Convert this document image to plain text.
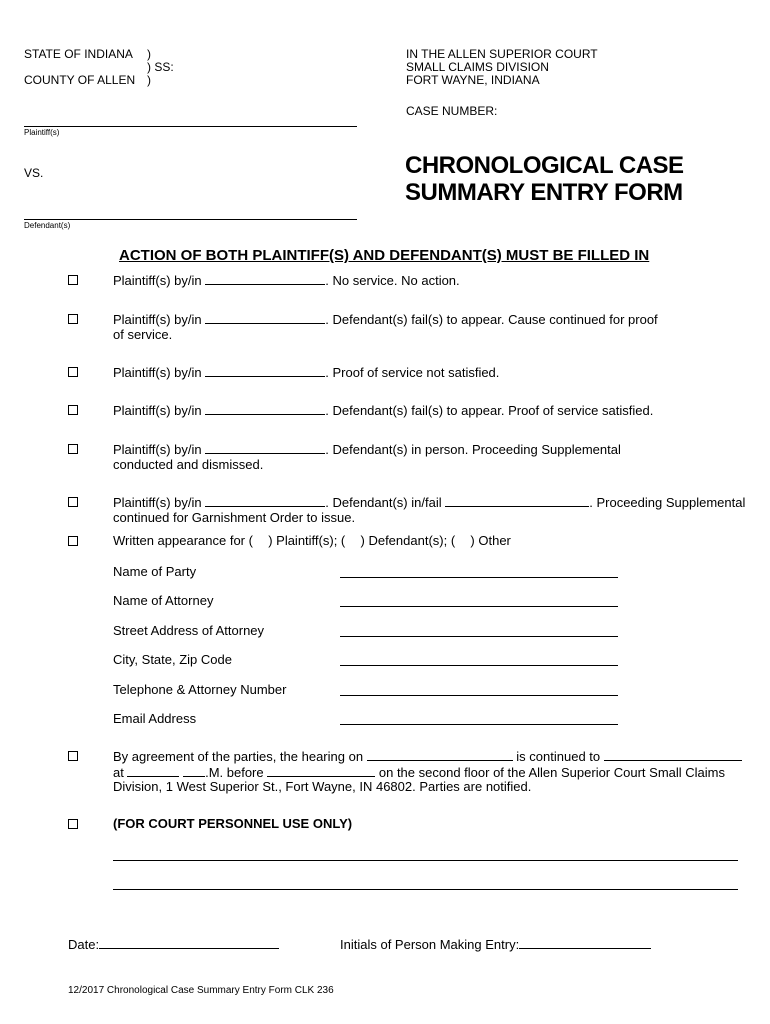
STATE OF INDIANA
COUNTY OF ALLEN
)
) SS:
)
IN THE ALLEN SUPERIOR COURT
SMALL CLAIMS DIVISION
FORT WAYNE, INDIANA
CASE NUMBER:
Plaintiff(s)
VS.
Defendant(s)
CHRONOLOGICAL CASE
SUMMARY ENTRY FORM
ACTION OF BOTH PLAINTIFF(S) AND DEFENDANT(S) MUST BE FILLED IN
Plaintiff(s) by/in	. No service. No action.
Plaintiff(s) by/in	. Defendant(s) fail(s) to appear. Cause continued for proof
of service.
Plaintiff(s) by/in	. Proof of service not satisfied.
Plaintiff(s) by/in	. Defendant(s) fail(s) to appear. Proof of service satisfied.
Plaintiff(s) by/in	. Defendant(s) in person. Proceeding Supplemental
conducted and dismissed.
Plaintiff(s) by/in	. Defendant(s) in/fail	. Proceeding Supplemental
continued for Garnishment Order to issue.
Written appearance for ( ) Plaintiff(s); ( ) Defendant(s); ( ) Other
Name of Party
Name of Attorney
Street Address of Attorney
City, State, Zip Code
Telephone & Attorney Number
Email Address
By agreement of the parties, the hearing on	is continued to
at	.M. before	on the second floor of the Allen Superior Court Small Claims
Division, 1 West Superior St., Fort Wayne, IN 46802. Parties are notified.
(FOR COURT PERSONNEL USE ONLY)
Date:	Initials of Person Making Entry:
12/2017 Chronological Case Summary Entry Form CLK 236
